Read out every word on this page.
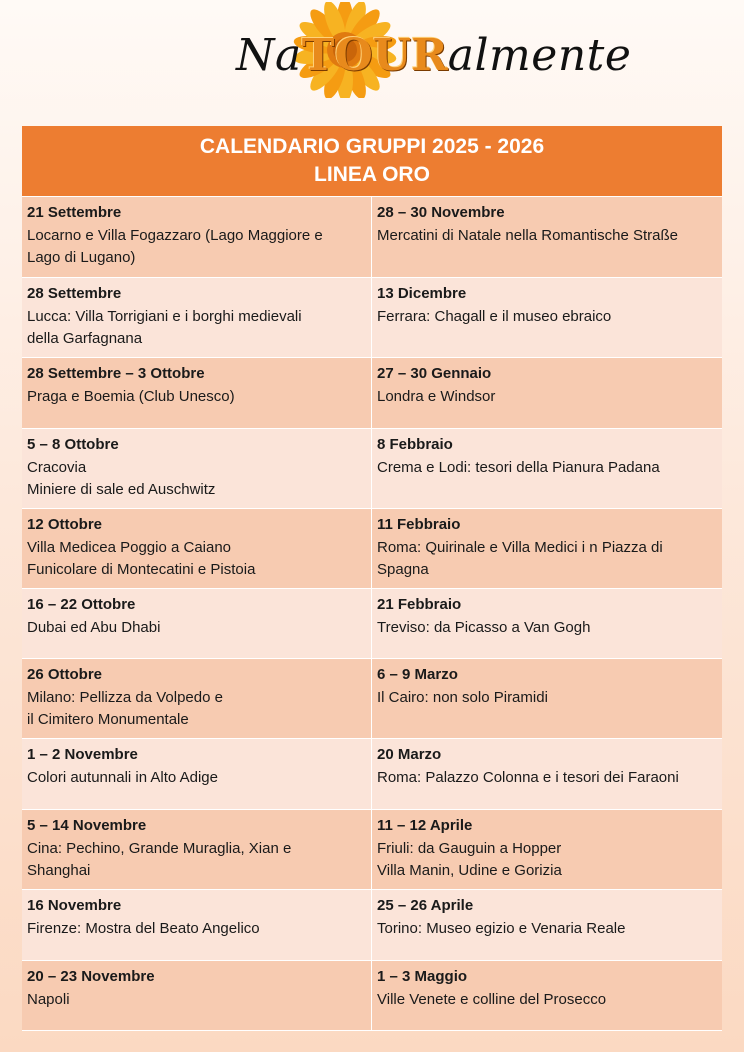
NaTOURalmente
CALENDARIO GRUPPI 2025 - 2026
LINEA ORO
21 Settembre
Locarno e Villa Fogazzaro (Lago Maggiore e
Lago di Lugano)
28 – 30 Novembre
Mercatini di Natale nella Romantische Straße
28 Settembre
Lucca: Villa Torrigiani e i borghi medievali
della Garfagnana
13 Dicembre
Ferrara: Chagall e il museo ebraico
28 Settembre – 3 Ottobre
Praga e Boemia (Club Unesco)
27 – 30 Gennaio
Londra e Windsor
5 – 8 Ottobre
Cracovia
Miniere di sale ed Auschwitz
8 Febbraio
Crema e Lodi: tesori della Pianura Padana
12 Ottobre
Villa Medicea Poggio a Caiano
Funicolare di Montecatini e Pistoia
11 Febbraio
Roma: Quirinale e Villa Medici i n Piazza di
Spagna
16 – 22 Ottobre
Dubai ed Abu Dhabi
21 Febbraio
Treviso: da Picasso a Van Gogh
26 Ottobre
Milano: Pellizza da Volpedo e
il Cimitero Monumentale
6 – 9 Marzo
Il Cairo: non solo Piramidi
1 – 2 Novembre
Colori autunnali in Alto Adige
20 Marzo
Roma: Palazzo Colonna e i tesori dei Faraoni
5 – 14 Novembre
Cina: Pechino, Grande Muraglia, Xian e
Shanghai
11 – 12 Aprile
Friuli: da Gauguin a Hopper
Villa Manin, Udine e Gorizia
16 Novembre
Firenze: Mostra del Beato Angelico
25 – 26 Aprile
Torino: Museo egizio e Venaria Reale
20 – 23 Novembre
Napoli
1 – 3 Maggio
Ville Venete e colline del Prosecco
